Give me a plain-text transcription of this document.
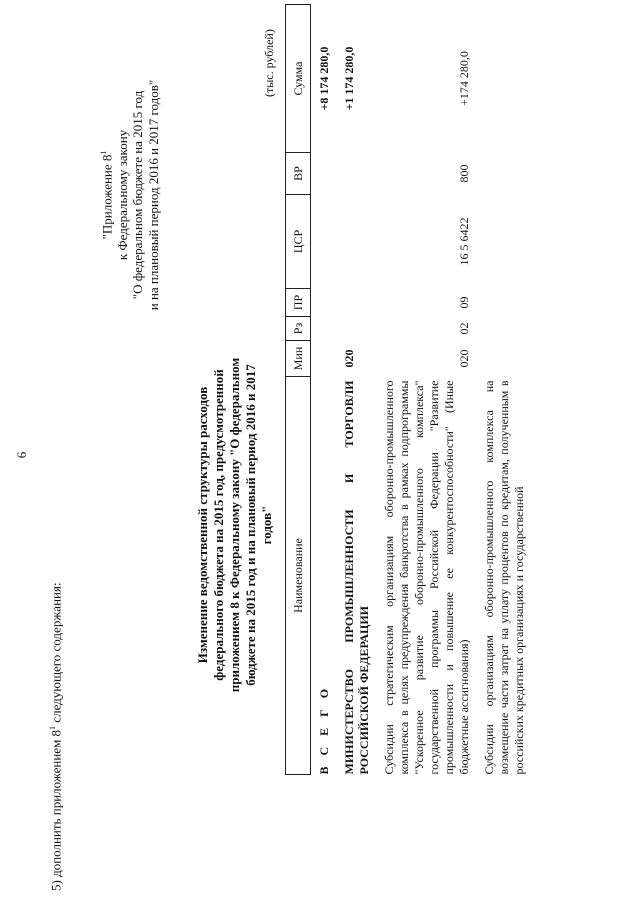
6
5) дополнить приложением $8^1$ следующего содержания:
"Приложение $8^1$ к Федеральному закону "О федеральном бюджете на 2015 год и на плановый период 2016 и 2017 годов"
Изменение ведомственной структуры расходов федерального бюджета на 2015 год, предусмотренной приложением 8 к Федеральному закону "О федеральном бюджете на 2015 год и на плановый период 2016 и 2017 годов"
(тыс. рублей)
Наименование	Мин	Рз	ПР	ЦСР	ВР	Сумма
В С Е Г О						+8 174 280,0
МИНИСТЕРСТВО ПРОМЫШЛЕННОСТИ И ТОРГОВЛИ РОССИЙСКОЙ ФЕДЕРАЦИИ	020					+1 174 280,0
Субсидии стратегическим организациям оборонно-промышленного комплекса в целях предупреждения банкротства в рамках подпрограммы "Ускоренное развитие оборонно-промышленного комплекса" государственной программы Российской Федерации "Развитие промышленности и повышение ее конкурентоспособности" (Иные бюджетные ассигнования)	020	02	09	16 5 6422	800	+174 280,0
Субсидии организациям оборонно-промышленного комплекса на возмещение части затрат на уплату процентов по кредитам, полученным в российских кредитных организациях и государственной						
